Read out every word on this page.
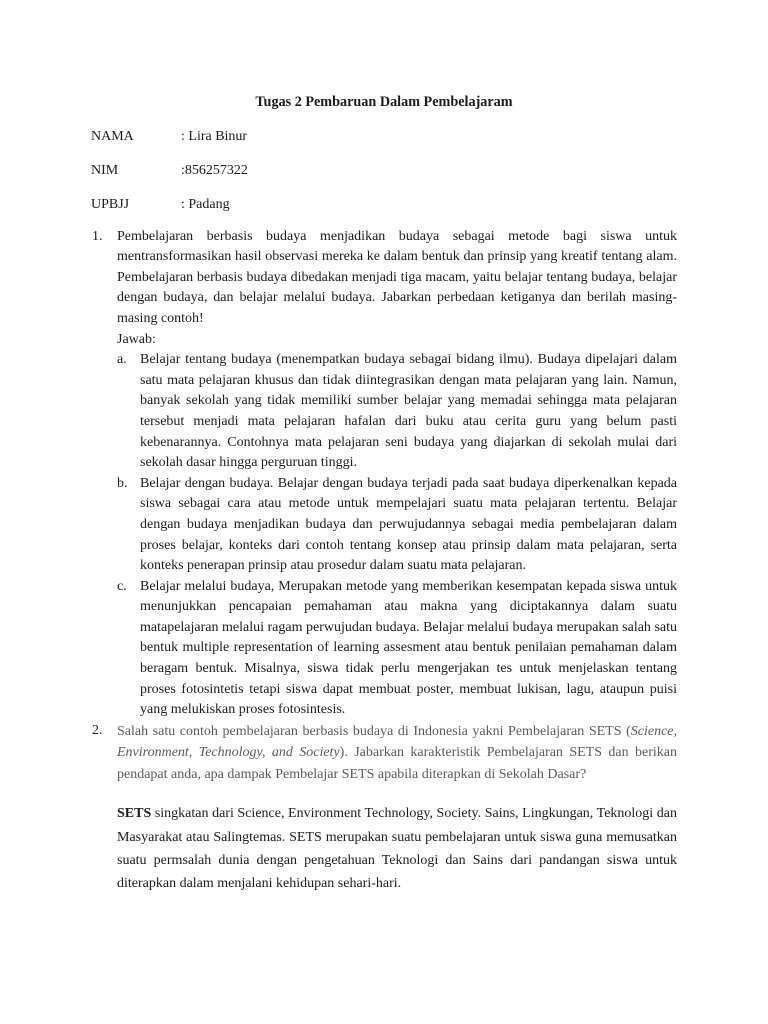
Tugas 2 Pembaruan Dalam Pembelajaram
NAMA	: Lira Binur
NIM	:856257322
UPBJJ	: Padang
1. Pembelajaran berbasis budaya menjadikan budaya sebagai metode bagi siswa untuk mentransformasikan hasil observasi mereka ke dalam bentuk dan prinsip yang kreatif tentang alam. Pembelajaran berbasis budaya dibedakan menjadi tiga macam, yaitu belajar tentang budaya, belajar dengan budaya, dan belajar melalui budaya. Jabarkan perbedaan ketiganya dan berilah masing-masing contoh!
Jawab:
a. Belajar tentang budaya (menempatkan budaya sebagai bidang ilmu). Budaya dipelajari dalam satu mata pelajaran khusus dan tidak diintegrasikan dengan mata pelajaran yang lain. Namun, banyak sekolah yang tidak memiliki sumber belajar yang memadai sehingga mata pelajaran tersebut menjadi mata pelajaran hafalan dari buku atau cerita guru yang belum pasti kebenarannya. Contohnya mata pelajaran seni budaya yang diajarkan di sekolah mulai dari sekolah dasar hingga perguruan tinggi.
b. Belajar dengan budaya. Belajar dengan budaya terjadi pada saat budaya diperkenalkan kepada siswa sebagai cara atau metode untuk mempelajari suatu mata pelajaran tertentu. Belajar dengan budaya menjadikan budaya dan perwujudannya sebagai media pembelajaran dalam proses belajar, konteks dari contoh tentang konsep atau prinsip dalam mata pelajaran, serta konteks penerapan prinsip atau prosedur dalam suatu mata pelajaran.
c. Belajar melalui budaya, Merupakan metode yang memberikan kesempatan kepada siswa untuk menunjukkan pencapaian pemahaman atau makna yang diciptakannya dalam suatu matapelajaran melalui ragam perwujudan budaya. Belajar melalui budaya merupakan salah satu bentuk multiple representation of learning assesment atau bentuk penilaian pemahaman dalam beragam bentuk. Misalnya, siswa tidak perlu mengerjakan tes untuk menjelaskan tentang proses fotosintetis tetapi siswa dapat membuat poster, membuat lukisan, lagu, ataupun puisi yang melukiskan proses fotosintesis.
2. Salah satu contoh pembelajaran berbasis budaya di Indonesia yakni Pembelajaran SETS (Science, Environment, Technology, and Society). Jabarkan karakteristik Pembelajaran SETS dan berikan pendapat anda, apa dampak Pembelajar SETS apabila diterapkan di Sekolah Dasar?
SETS singkatan dari Science, Environment Technology, Society. Sains, Lingkungan, Teknologi dan Masyarakat atau Salingtemas. SETS merupakan suatu pembelajaran untuk siswa guna memusatkan suatu permsalah dunia dengan pengetahuan Teknologi dan Sains dari pandangan siswa untuk diterapkan dalam menjalani kehidupan sehari-hari.
